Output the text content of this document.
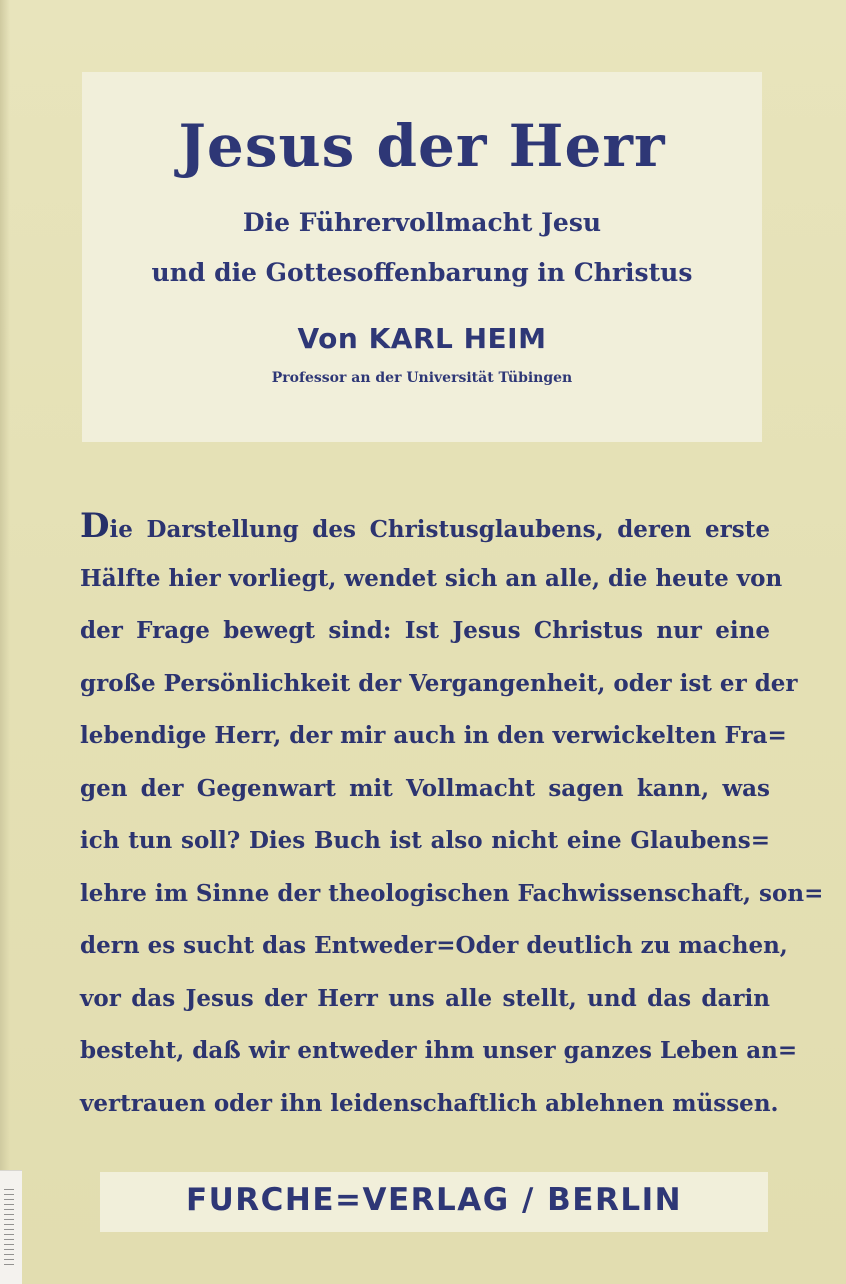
Jesus der Herr
Die Führervollmacht Jesu
und die Gottesoffenbarung in Christus
Von KARL HEIM
Professor an der Universität Tübingen
Die Darstellung des Christusglaubens, deren erste
Hälfte hier vorliegt, wendet sich an alle, die heute von
der Frage bewegt sind: Ist Jesus Christus nur eine
große Persönlichkeit der Vergangenheit, oder ist er der
lebendige Herr, der mir auch in den verwickelten Fra=
gen der Gegenwart mit Vollmacht sagen kann, was
ich tun soll? Dies Buch ist also nicht eine Glaubens=
lehre im Sinne der theologischen Fachwissenschaft, son=
dern es sucht das Entweder=Oder deutlich zu machen,
vor das Jesus der Herr uns alle stellt, und das darin
besteht, daß wir entweder ihm unser ganzes Leben an=
vertrauen oder ihn leidenschaftlich ablehnen müssen.
FURCHE=VERLAG / BERLIN
